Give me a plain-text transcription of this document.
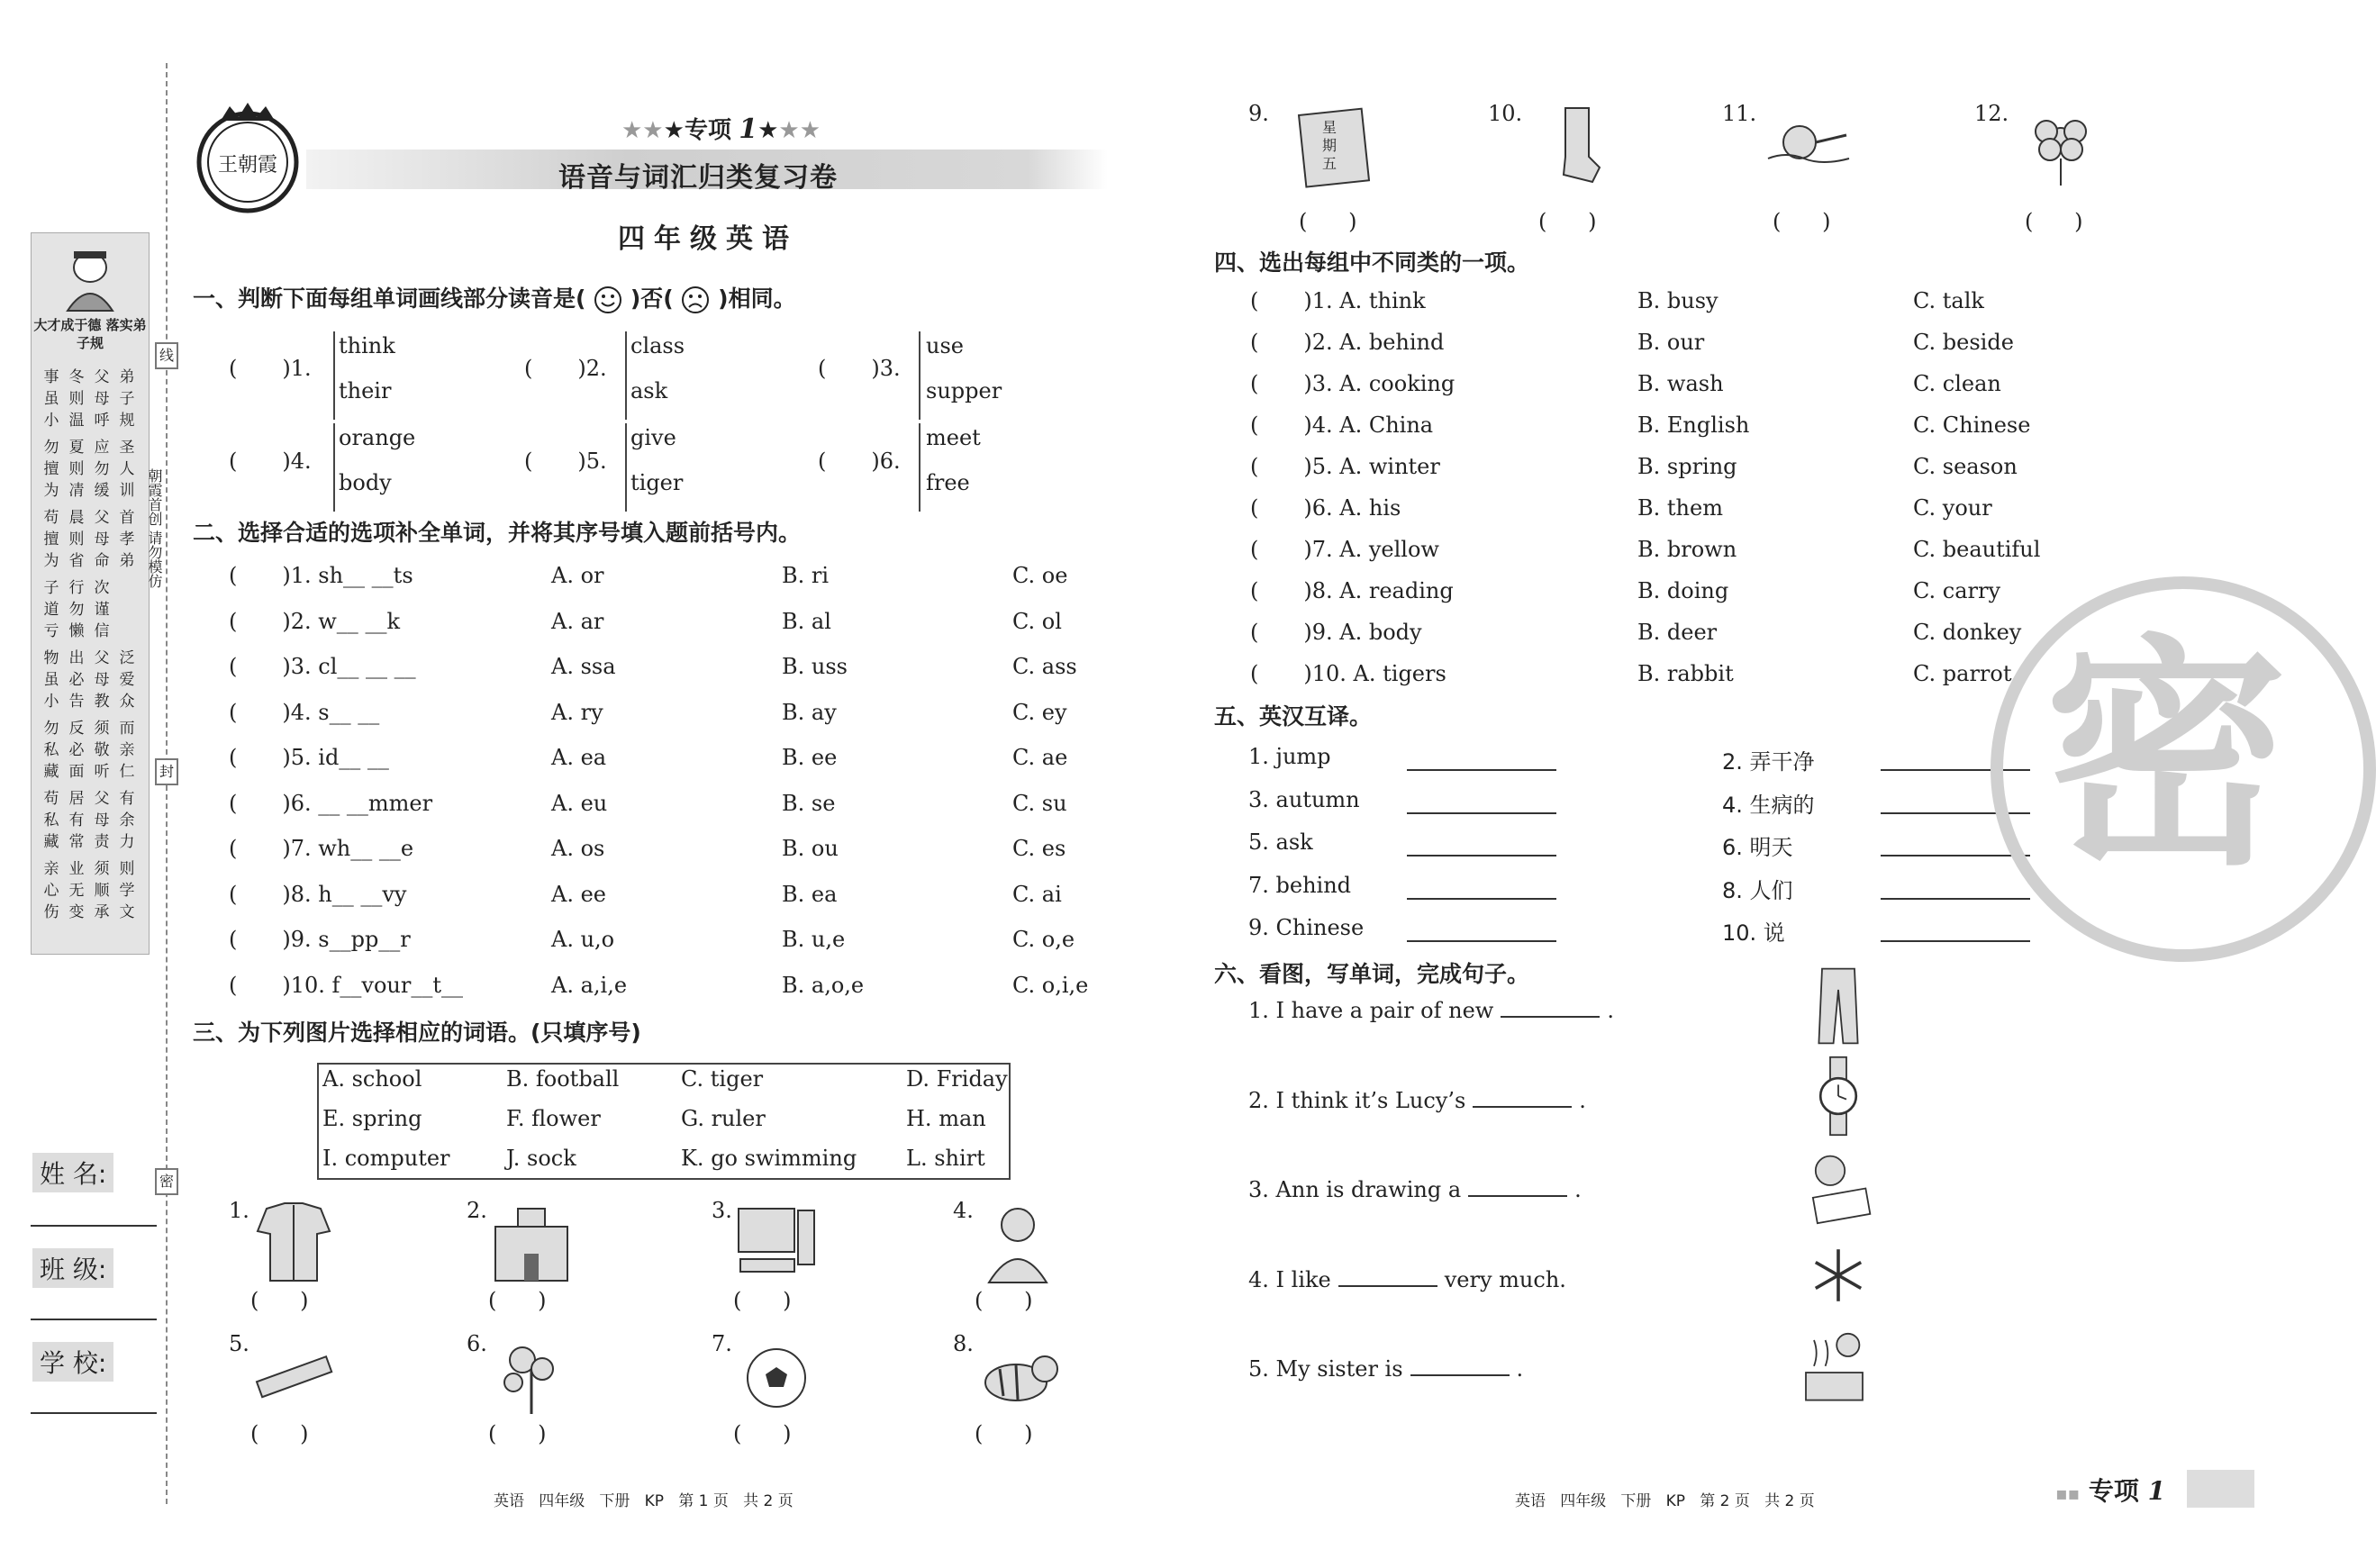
线
封
密
大才成于德 落实弟子规
事虽小
冬则温
父母呼
弟子规
勿擅为
夏则凊
应勿缓
圣人训
苟擅为
晨则省
父母命
首孝弟
子道亏
行勿懒
次谨信
物虽小
出必告
父母教
泛爱众
勿私藏
反必面
须敬听
而亲仁
苟私藏
居有常
父母责
有余力
亲心伤
业无变
须顺承
则学文
朝霞首创 请勿模仿
姓 名:
班 级:
学 校:
王朝霞
★★★专项 1★★★
语音与词汇归类复习卷
四年级英语
一、判断下面每组单词画线部分读音是( )否( )相同。
( )1.
think
their
( )2.
class
ask
( )3.
use
supper
( )4.
orange
body
( )5.
give
tiger
( )6.
meet
free
二、选择合适的选项补全单词，并将其序号填入题前括号内。
( )1. sh__ __ts	A. or	B. ri	C. oe
( )2. w__ __k	A. ar	B. al	C. ol
( )3. cl__ __ __	A. ssa	B. uss	C. ass
( )4. s__ __	A. ry	B. ay	C. ey
( )5. id__ __	A. ea	B. ee	C. ae
( )6. __ __mmer	A. eu	B. se	C. su
( )7. wh__ __e	A. os	B. ou	C. es
( )8. h__ __vy	A. ee	B. ea	C. ai
( )9. s__pp__r	A. u,o	B. u,e	C. o,e
( )10. f__vour__t__	A. a,i,e	B. a,o,e	C. o,i,e
三、为下列图片选择相应的词语。(只填序号)
A. school	B. football	C. tiger	D. Friday
E. spring	F. flower	G. ruler	H. man
I. computer	J. sock	K. go swimming L. shirt
1.
(      )
2.
(      )
3.
(      )
4.
(      )
5.
(      )
6.
(      )
7.
(      )
8.
(      )
9.
星期五
(      )
10.
(      )
11.
(      )
12.
(      )
四、选出每组中不同类的一项。
( )1. A. think	B. busy	C. talk
( )2. A. behind	B. our	C. beside
( )3. A. cooking	B. wash	C. clean
( )4. A. China	B. English	C. Chinese
( )5. A. winter	B. spring	C. season
( )6. A. his	B. them	C. your
( )7. A. yellow	B. brown	C. beautiful
( )8. A. reading	B. doing	C. carry
( )9. A. body	B. deer	C. donkey
( )10. A. tigers	B. rabbit	C. parrot
五、英汉互译。
1. jump	2. 弄干净
3. autumn	4. 生病的
5. ask	6. 明天
7. behind	8. 人们
9. Chinese	10. 说
六、看图，写单词，完成句子。
1. I have a pair of new	.
2. I think it’s Lucy’s	.
3. Ann is drawing a	.
4. I like	very much.
5. My sister is	.
密
英语   四年级   下册   KP   第 1 页   共 2 页	英语   四年级   下册   KP   第 2 页   共 2 页	▪▪ 专项 1
